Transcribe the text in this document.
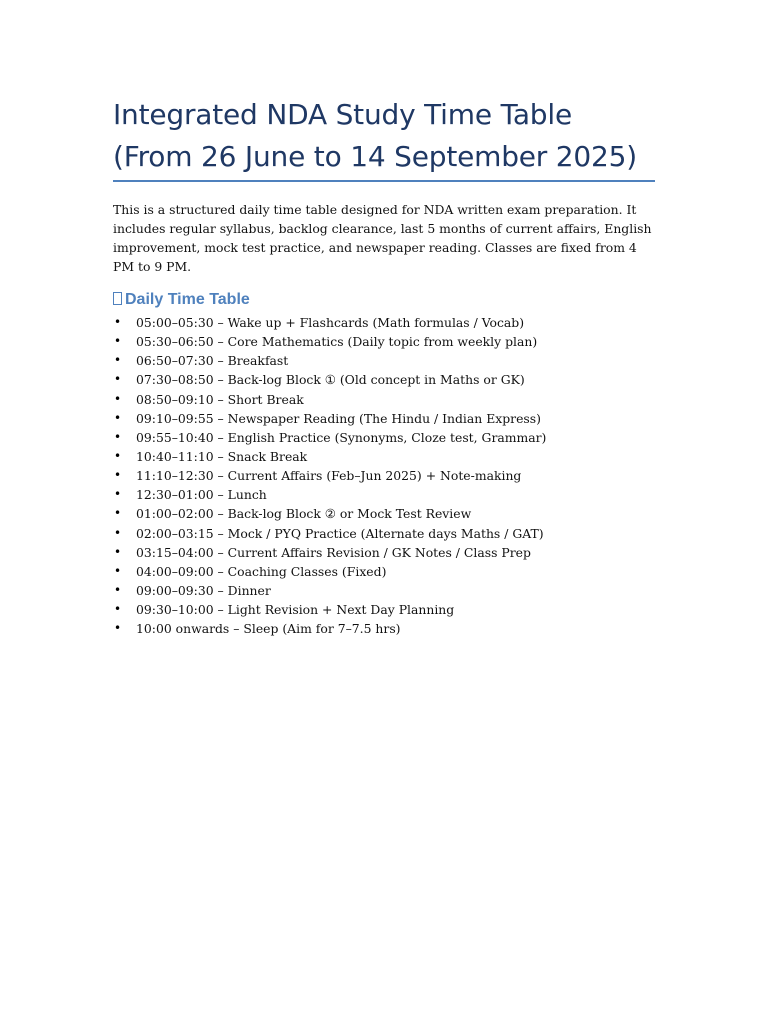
Integrated NDA Study Time Table (From 26 June to 14 September 2025)

This is a structured daily time table designed for NDA written exam preparation. It includes regular syllabus, backlog clearance, last 5 months of current affairs, English improvement, mock test practice, and newspaper reading. Classes are fixed from 4 PM to 9 PM.

Daily Time Table
• 05:00–05:30 – Wake up + Flashcards (Math formulas / Vocab)
• 05:30–06:50 – Core Mathematics (Daily topic from weekly plan)
• 06:50–07:30 – Breakfast
• 07:30–08:50 – Back-log Block ① (Old concept in Maths or GK)
• 08:50–09:10 – Short Break
• 09:10–09:55 – Newspaper Reading (The Hindu / Indian Express)
• 09:55–10:40 – English Practice (Synonyms, Cloze test, Grammar)
• 10:40–11:10 – Snack Break
• 11:10–12:30 – Current Affairs (Feb–Jun 2025) + Note-making
• 12:30–01:00 – Lunch
• 01:00–02:00 – Back-log Block ② or Mock Test Review
• 02:00–03:15 – Mock / PYQ Practice (Alternate days Maths / GAT)
• 03:15–04:00 – Current Affairs Revision / GK Notes / Class Prep
• 04:00–09:00 – Coaching Classes (Fixed)
• 09:00–09:30 – Dinner
• 09:30–10:00 – Light Revision + Next Day Planning
• 10:00 onwards – Sleep (Aim for 7–7.5 hrs)
